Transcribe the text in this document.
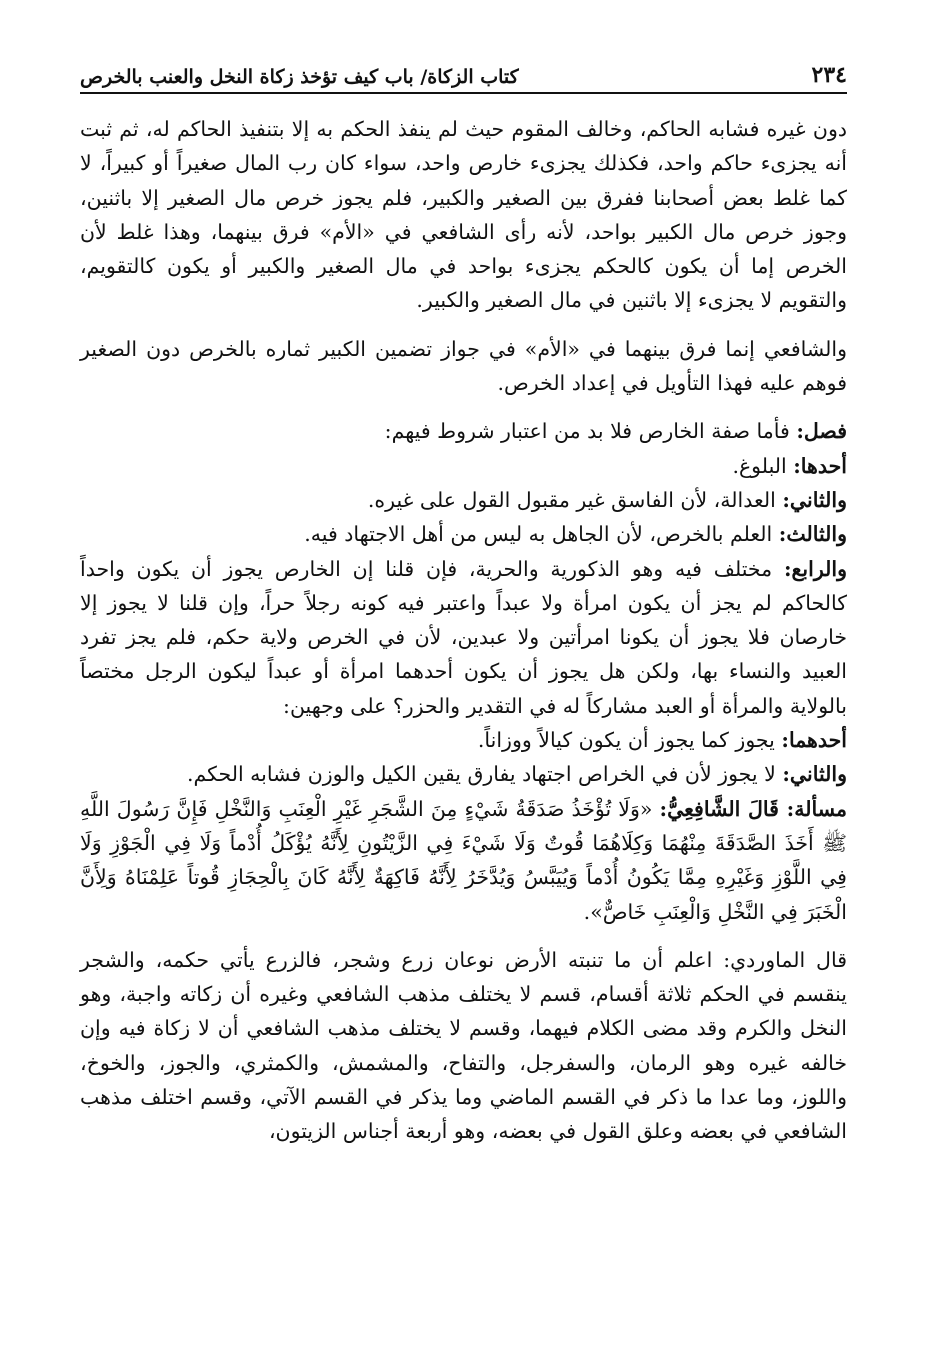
٢٣٤
كتاب الزكاة/ باب كيف تؤخذ زكاة النخل والعنب بالخرص

دون غيره فشابه الحاكم، وخالف المقوم حيث لم ينفذ الحكم به إلا بتنفيذ الحاكم له، ثم ثبت أنه يجزىء حاكم واحد، فكذلك يجزىء خارص واحد، سواء كان رب المال صغيراً أو كبيراً، لا كما غلط بعض أصحابنا ففرق بين الصغير والكبير، فلم يجوز خرص مال الصغير إلا باثنين، وجوز خرص مال الكبير بواحد، لأنه رأى الشافعي في «الأم» فرق بينهما، وهذا غلط لأن الخرص إما أن يكون كالحكم يجزىء بواحد في مال الصغير والكبير أو يكون كالتقويم، والتقويم لا يجزىء إلا باثنين في مال الصغير والكبير.

والشافعي إنما فرق بينهما في «الأم» في جواز تضمين الكبير ثماره بالخرص دون الصغير فوهم عليه فهذا التأويل في إعداد الخرص.

فصل: فأما صفة الخارص فلا بد من اعتبار شروط فيهم:

أحدها: البلوغ.

والثاني: العدالة، لأن الفاسق غير مقبول القول على غيره.

والثالث: العلم بالخرص، لأن الجاهل به ليس من أهل الاجتهاد فيه.

والرابع: مختلف فيه وهو الذكورية والحرية، فإن قلنا إن الخارص يجوز أن يكون واحداً كالحاكم لم يجز أن يكون امرأة ولا عبداً واعتبر فيه كونه رجلاً حراً، وإن قلنا لا يجوز إلا خارصان فلا يجوز أن يكونا امرأتين ولا عبدين، لأن في الخرص ولاية حكم، فلم يجز تفرد العبيد والنساء بها، ولكن هل يجوز أن يكون أحدهما امرأة أو عبداً ليكون الرجل مختصاً بالولاية والمرأة أو العبد مشاركاً له في التقدير والحزر؟ على وجهين:

أحدهما: يجوز كما يجوز أن يكون كيالاً ووزاناً.

والثاني: لا يجوز لأن في الخراص اجتهاد يفارق يقين الكيل والوزن فشابه الحكم.

مسألة: قَالَ الشَّافِعِيُّ: «وَلَا تُؤْخَذُ صَدَقَةُ شَيْءٍ مِنَ الشَّجَرِ غَيْرِ الْعِنَبِ وَالنَّخْلِ فَإِنَّ رَسُولَ اللَّهِ ﷺ أَخَذَ الصَّدَقَةَ مِنْهُمَا وَكِلَاهُمَا قُوتٌ وَلَا شَيْءَ فِي الزَّيْتُونِ لِأَنَّهُ يُؤْكَلُ أُدْماً وَلَا فِي الْجَوْزِ وَلَا فِي اللَّوْزِ وَغَيْرِهِ مِمَّا يَكُونُ أُدْماً وَيُيَبَّسُ وَيُدَّخَرُ لِأَنَّهُ فَاكِهَةٌ لِأَنَّهُ كَانَ بِالْحِجَازِ قُوتاً عَلِمْنَاهُ وَلِأَنَّ الْخَبَرَ فِي النَّخْلِ وَالْعِنَبِ خَاصٌّ».

قال الماوردي: اعلم أن ما تنبته الأرض نوعان زرع وشجر، فالزرع يأتي حكمه، والشجر ينقسم في الحكم ثلاثة أقسام، قسم لا يختلف مذهب الشافعي وغيره أن زكاته واجبة، وهو النخل والكرم وقد مضى الكلام فيهما، وقسم لا يختلف مذهب الشافعي أن لا زكاة فيه وإن خالفه غيره وهو الرمان، والسفرجل، والتفاح، والمشمش، والكمثري، والجوز، والخوخ، واللوز، وما عدا ما ذكر في القسم الماضي وما يذكر في القسم الآتي، وقسم اختلف مذهب الشافعي في بعضه وعلق القول في بعضه، وهو أربعة أجناس الزيتون،
